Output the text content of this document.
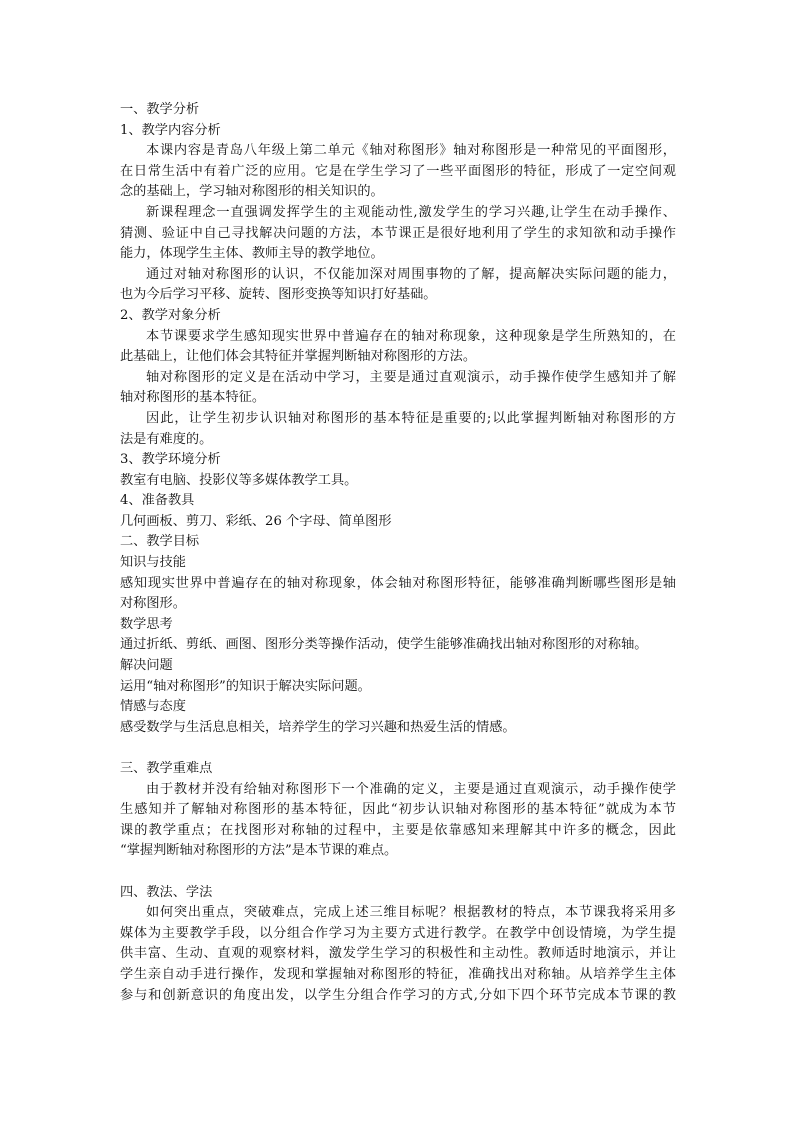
一、教学分析
1、教学内容分析
本课内容是青岛八年级上第二单元《轴对称图形》轴对称图形是一种常见的平面图形，
在日常生活中有着广泛的应用。它是在学生学习了一些平面图形的特征，形成了一定空间观
念的基础上，学习轴对称图形的相关知识的。
新课程理念一直强调发挥学生的主观能动性,激发学生的学习兴趣,让学生在动手操作、
猜测、验证中自己寻找解决问题的方法，本节课正是很好地利用了学生的求知欲和动手操作
能力，体现学生主体、教师主导的教学地位。
通过对轴对称图形的认识，不仅能加深对周围事物的了解，提高解决实际问题的能力，
也为今后学习平移、旋转、图形变换等知识打好基础。
2、教学对象分析
本节课要求学生感知现实世界中普遍存在的轴对称现象，这种现象是学生所熟知的，在
此基础上，让他们体会其特征并掌握判断轴对称图形的方法。
轴对称图形的定义是在活动中学习，主要是通过直观演示，动手操作使学生感知并了解
轴对称图形的基本特征。
因此，让学生初步认识轴对称图形的基本特征是重要的;以此掌握判断轴对称图形的方
法是有难度的。
3、教学环境分析
教室有电脑、投影仪等多媒体教学工具。
4、准备教具
几何画板、剪刀、彩纸、26 个字母、简单图形
二、教学目标
知识与技能
感知现实世界中普遍存在的轴对称现象，体会轴对称图形特征，能够准确判断哪些图形是轴
对称图形。
数学思考
通过折纸、剪纸、画图、图形分类等操作活动，使学生能够准确找出轴对称图形的对称轴。
解决问题
运用“轴对称图形”的知识于解决实际问题。
情感与态度
感受数学与生活息息相关，培养学生的学习兴趣和热爱生活的情感。
三、教学重难点
由于教材并没有给轴对称图形下一个准确的定义，主要是通过直观演示，动手操作使学
生感知并了解轴对称图形的基本特征，因此“初步认识轴对称图形的基本特征”就成为本节
课的教学重点；在找图形对称轴的过程中，主要是依靠感知来理解其中许多的概念，因此
“掌握判断轴对称图形的方法”是本节课的难点。
四、教法、学法
如何突出重点，突破难点，完成上述三维目标呢？根据教材的特点，本节课我将采用多
媒体为主要教学手段，以分组合作学习为主要方式进行教学。在教学中创设情境，为学生提
供丰富、生动、直观的观察材料，激发学生学习的积极性和主动性。教师适时地演示，并让
学生亲自动手进行操作，发现和掌握轴对称图形的特征，准确找出对称轴。从培养学生主体
参与和创新意识的角度出发，以学生分组合作学习的方式,分如下四个环节完成本节课的教
